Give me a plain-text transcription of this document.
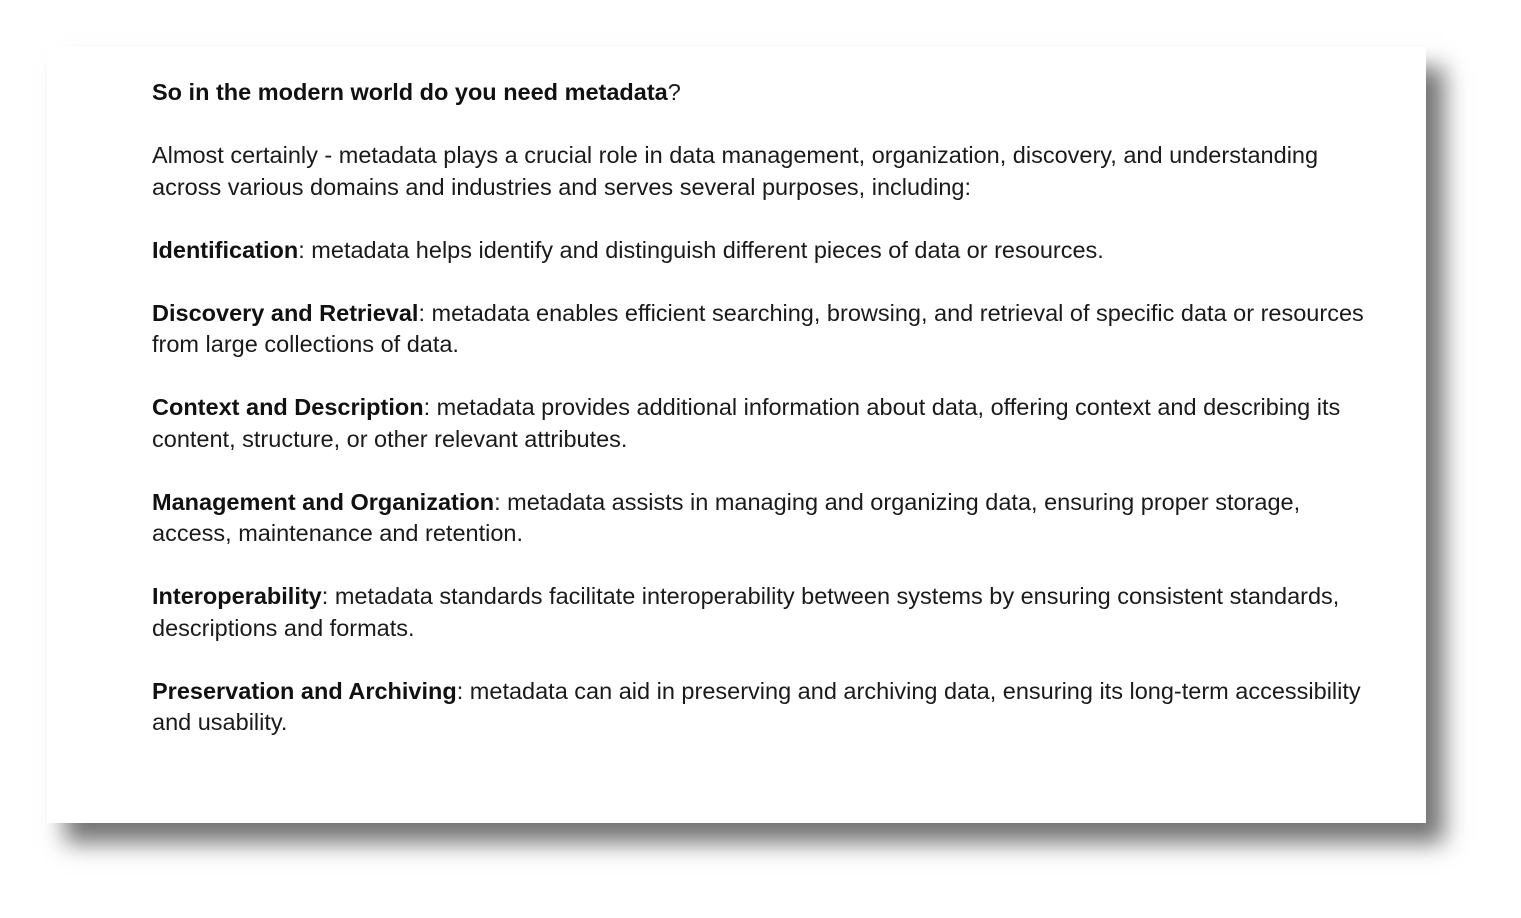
So in the modern world do you need metadata?

Almost certainly - metadata plays a crucial role in data management, organization, discovery, and understanding across various domains and industries and serves several purposes, including:

Identification: metadata helps identify and distinguish different pieces of data or resources.

Discovery and Retrieval: metadata enables efficient searching, browsing, and retrieval of specific data or resources from large collections of data.

Context and Description: metadata provides additional information about data, offering context and describing its content, structure, or other relevant attributes.

Management and Organization: metadata assists in managing and organizing data, ensuring proper storage, access, maintenance and retention.

Interoperability: metadata standards facilitate interoperability between systems by ensuring consistent standards, descriptions and formats.

Preservation and Archiving: metadata can aid in preserving and archiving data, ensuring its long-term accessibility and usability.
